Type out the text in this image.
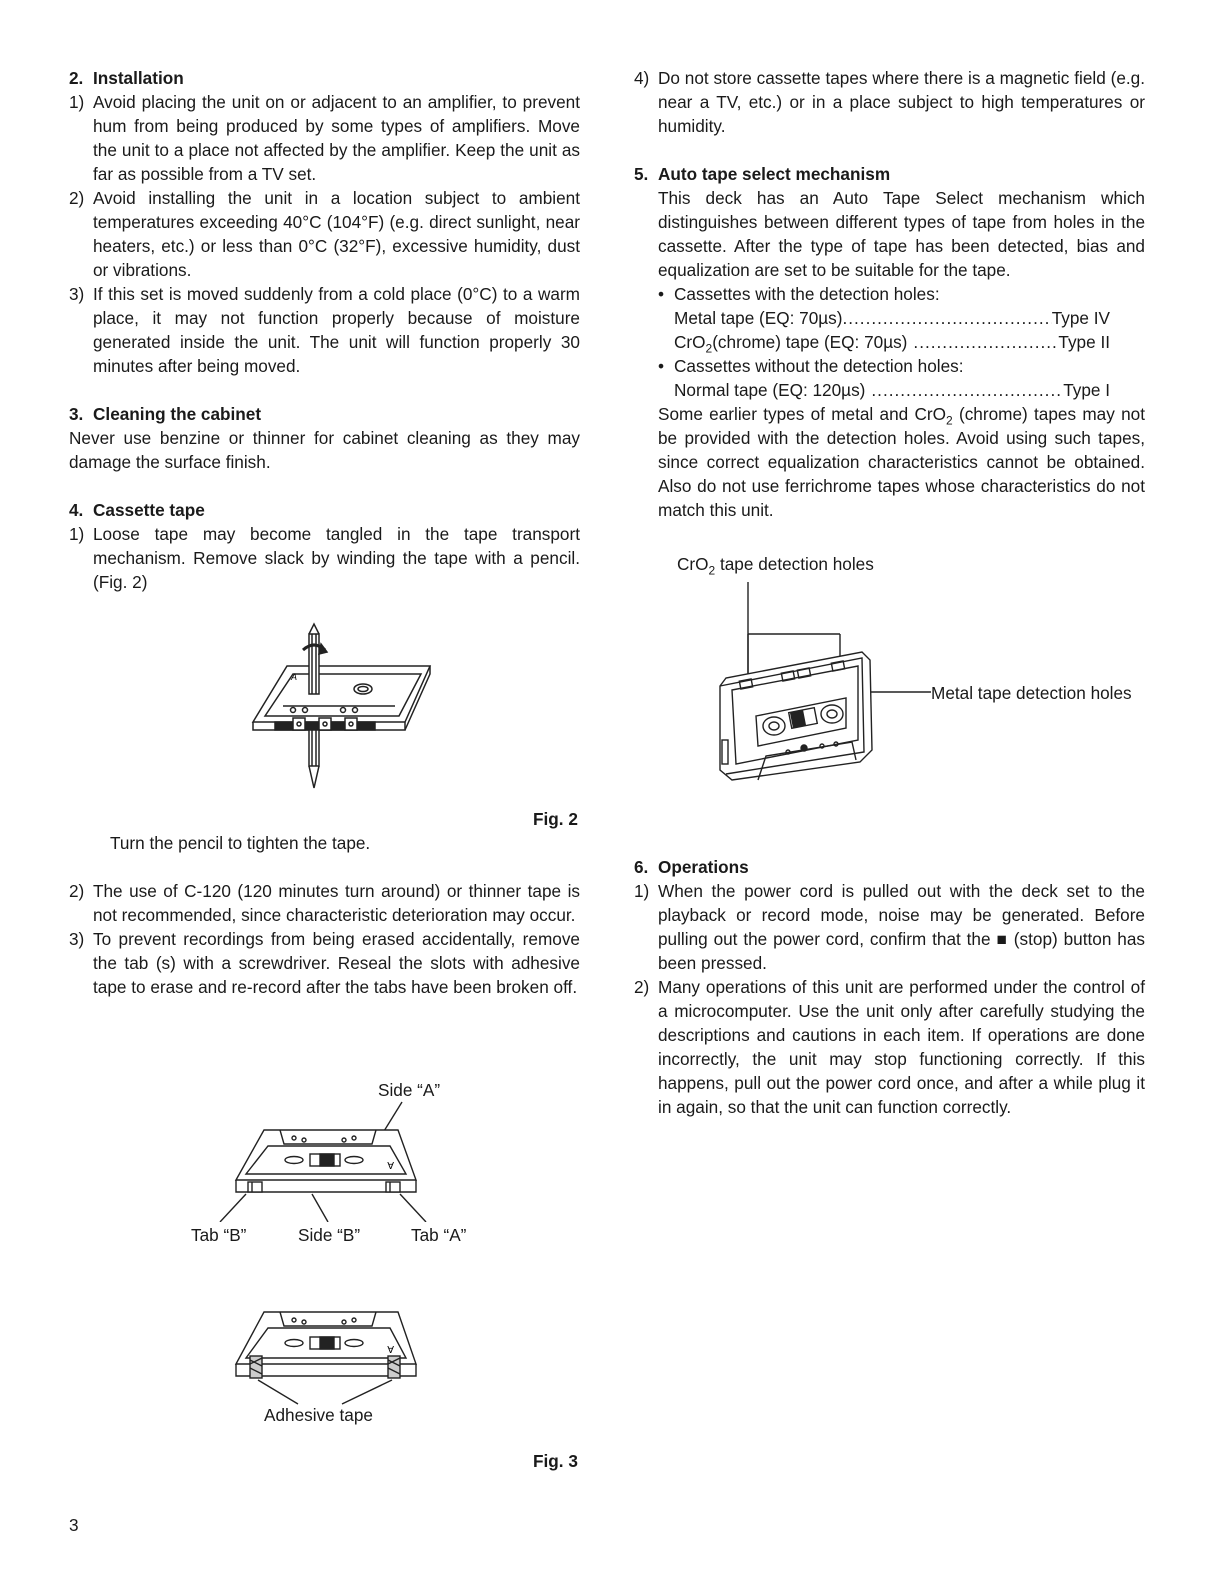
2. Installation

1) Avoid placing the unit on or adjacent to an amplifier, to prevent hum from being produced by some types of amplifiers. Move the unit to a place not affected by the amplifier. Keep the unit as far as possible from a TV set.
2) Avoid installing the unit in a location subject to ambient temperatures exceeding 40°C (104°F) (e.g. direct sunlight, near heaters, etc.) or less than 0°C (32°F), excessive humidity, dust or vibrations.
3) If this set is moved suddenly from a cold place (0°C) to a warm place, it may not function properly because of moisture generated inside the unit. The unit will function properly 30 minutes after being moved.

3. Cleaning the cabinet

Never use benzine or thinner for cabinet cleaning as they may damage the surface finish.

4. Cassette tape

1) Loose tape may become tangled in the tape transport mechanism. Remove slack by winding the tape with a pencil. (Fig. 2)
A
Fig. 2
Turn the pencil to tighten the tape.
2) The use of C-120 (120 minutes turn around) or thinner tape is not recommended, since characteristic deterioration may occur.
3) To prevent recordings from being erased accidentally, remove the tab (s) with a screwdriver. Reseal the slots with adhesive tape to erase and re-record after the tabs have been broken off.
Side “A”
A
Tab “B”	Side “B”	Tab “A”
A
Adhesive tape
Fig. 3
3
4) Do not store cassette tapes where there is a magnetic field (e.g. near a TV, etc.) or in a place subject to high temperatures or humidity.

5. Auto tape select mechanism

This deck has an Auto Tape Select mechanism which distinguishes between different types of tape from holes in the cassette. After the type of tape has been detected, bias and equalization are set to be suitable for the tape.

• Cassettes with the detection holes:
Metal tape (EQ: 70µs) .....	Type IV
CrO$_2$(chrome) tape (EQ: 70µs) .....	Type II
• Cassettes without the detection holes:
Normal tape (EQ: 120µs) .....	Type I

Some earlier types of metal and CrO$_2$ (chrome) tapes may not be provided with the detection holes. Avoid using such tapes, since correct equalization characteristics cannot be obtained. Also do not use ferrichrome tapes whose characteristics do not match this unit.

CrO$_2$ tape detection holes
Metal tape detection holes

6. Operations

1) When the power cord is pulled out with the deck set to the playback or record mode, noise may be generated. Before pulling out the power cord, confirm that the ■ (stop) button has been pressed.
2) Many operations of this unit are performed under the control of a microcomputer. Use the unit only after carefully studying the descriptions and cautions in each item. If operations are done incorrectly, the unit may stop functioning correctly. If this happens, pull out the power cord once, and after a while plug it in again, so that the unit can function correctly.
